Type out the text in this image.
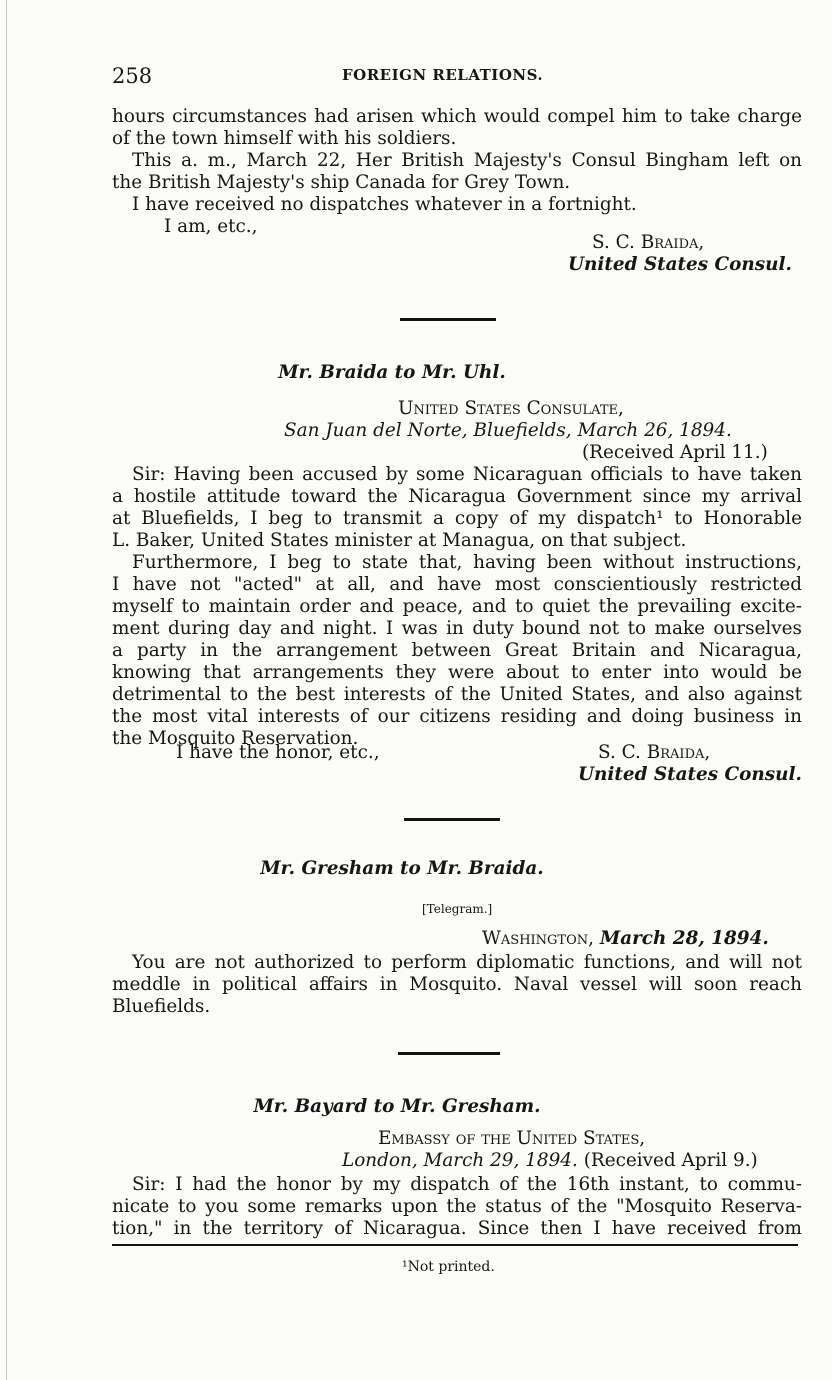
258	FOREIGN RELATIONS.
hours circumstances had arisen which would compel him to take charge
of the town himself with his soldiers.
This a. m., March 22, Her British Majesty's Consul Bingham left on
the British Majesty's ship Canada for Grey Town.
I have received no dispatches whatever in a fortnight.
I am, etc.,
S. C. Braida,
United States Consul.
Mr. Braida to Mr. Uhl.
United States Consulate,
San Juan del Norte, Bluefields, March 26, 1894.
(Received April 11.)
Sir: Having been accused by some Nicaraguan officials to have taken
a hostile attitude toward the Nicaragua Government since my arrival
at Bluefields, I beg to transmit a copy of my dispatch¹ to Honorable
L. Baker, United States minister at Managua, on that subject.
Furthermore, I beg to state that, having been without instructions,
I have not "acted" at all, and have most conscientiously restricted
myself to maintain order and peace, and to quiet the prevailing excite-
ment during day and night. I was in duty bound not to make ourselves
a party in the arrangement between Great Britain and Nicaragua,
knowing that arrangements they were about to enter into would be
detrimental to the best interests of the United States, and also against
the most vital interests of our citizens residing and doing business in
the Mosquito Reservation.
I have the honor, etc.,	S. C. Braida,
United States Consul.
Mr. Gresham to Mr. Braida.
[Telegram.]
Washington, March 28, 1894.
You are not authorized to perform diplomatic functions, and will not
meddle in political affairs in Mosquito. Naval vessel will soon reach
Bluefields.
Mr. Bayard to Mr. Gresham.
Embassy of the United States,
London, March 29, 1894. (Received April 9.)
Sir: I had the honor by my dispatch of the 16th instant, to commu-
nicate to you some remarks upon the status of the "Mosquito Reserva-
tion," in the territory of Nicaragua. Since then I have received from
¹Not printed.
